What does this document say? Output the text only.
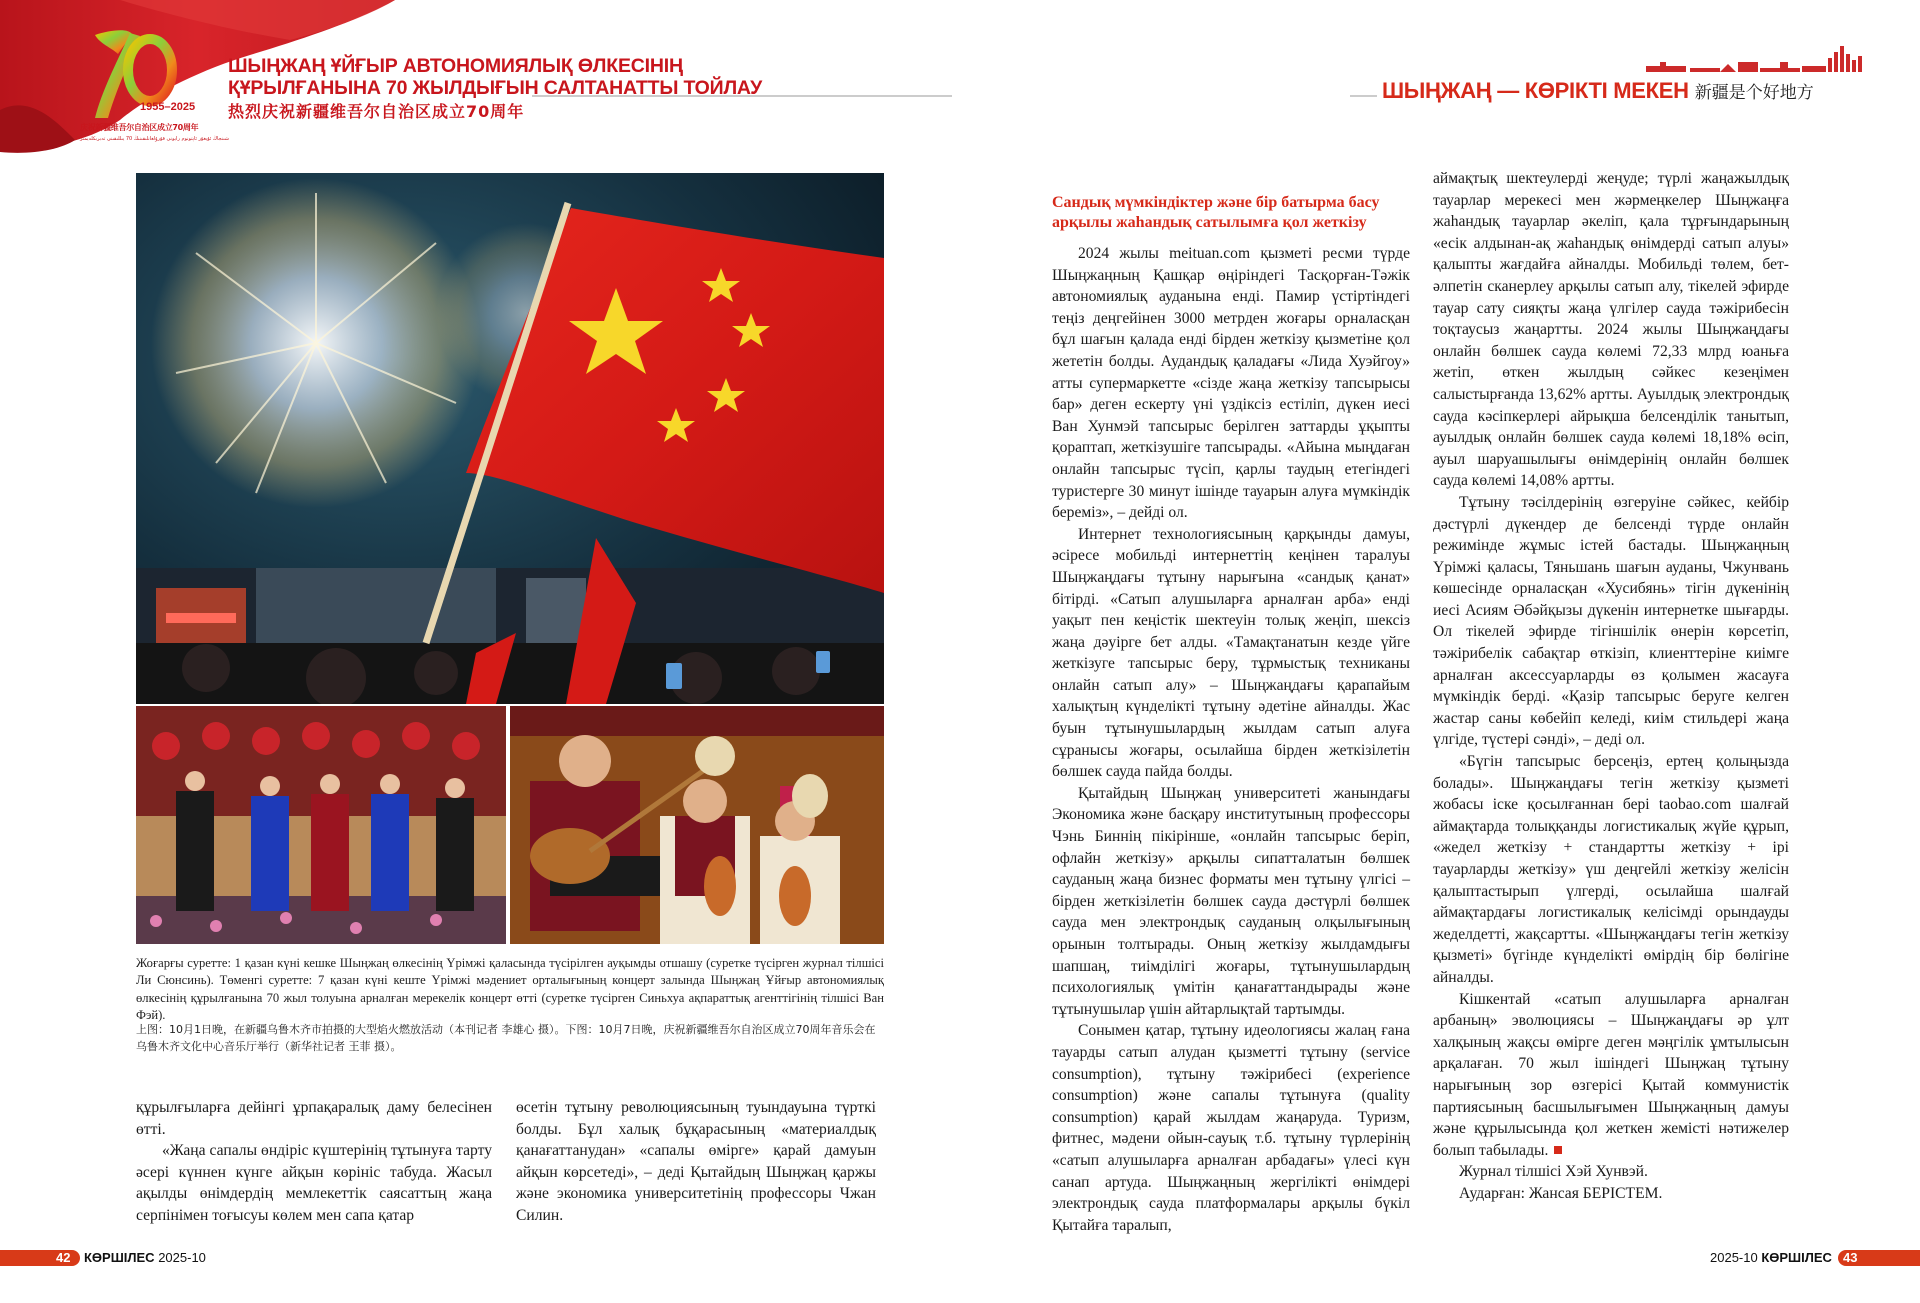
1955–2025
庆祝新疆维吾尔自治区成立70周年
شىنجاڭ ئۇيغۇر ئاپتونوم رايونى قۇرۇلغانلىقىنىڭ 70 يىللىقىنى تەبرىكلەيمىز
ШЫҢЖАҢ ҰЙҒЫР АВТОНОМИЯЛЫҚ ӨЛКЕСІНІҢ
ҚҰРЫЛҒАНЫНА 70 ЖЫЛДЫҒЫН САЛТАНАТТЫ ТОЙЛАУ
热烈庆祝新疆维吾尔自治区成立70周年
ШЫҢЖАҢ — КӨРІКТІ МЕКЕН 新疆是个好地方
Жоғарғы суретте: 1 қазан күні кешке Шыңжаң өлкесінің Үрімжі қаласында түсірілген ауқымды отшашу (суретке түсірген журнал тілшісі Ли Сюнсинь). Төменгі суретте: 7 қазан күні кеште Үрімжі мәдениет орталығының концерт залында Шыңжаң Ұйғыр автономиялық өлкесінің құрылғанына 70 жыл толуына арналған мерекелік концерт өтті (суретке түсірген Синьхуа ақпараттық агенттігінің тілшісі Ван Фэй).
上图：10月1日晚，在新疆乌鲁木齐市拍摄的大型焰火燃放活动（本刊记者 李雄心 摄）。下图：10月7日晚，庆祝新疆维吾尔自治区成立70周年音乐会在乌鲁木齐文化中心音乐厅举行（新华社记者 王菲 摄）。

құрылғыларға дейінгі ұрпақаралық даму белесінен өтті.

«Жаңа сапалы өндіріс күштерінің тұтынуға тарту әсері күннен күнге айқын көрініс табуда. Жасыл ақылды өнімдердің мемлекеттік саясаттың жаңа серпінімен тоғысуы көлем мен сапа қатар

өсетін тұтыну революциясының туындауына түрткі болды. Бұл халық бұқарасының «материалдық қанағаттанудан» «сапалы өмірге» қарай дамуын айқын көрсетеді», – деді Қытайдың Шыңжаң қаржы және экономика университетінің профессоры Чжан Силин.

Сандық мүмкіндіктер және бір батырма басу арқылы жаһандық сатылымға қол жеткізу

2024 жылы meituan.com қызметі ресми түрде Шыңжаңның Қашқар өңіріндегі Тасқорған-Тәжік автономиялық ауданына енді. Памир үстіртіндегі теңіз деңгейінен 3000 метрден жоғары орналасқан бұл шағын қалада енді бірден жеткізу қызметіне қол жететін болды. Аудандық қаладағы «Лида Хуэйгоу» атты супермаркетте «сізде жаңа жеткізу тапсырысы бар» деген ескерту үні үздіксіз естіліп, дүкен иесі Ван Хунмэй тапсырыс берілген заттарды ұқыпты қораптап, жеткізушіге тапсырады. «Айына мыңдаған онлайн тапсырыс түсіп, қарлы таудың етегіндегі туристерге 30 минут ішінде тауарын алуға мүмкіндік береміз», – дейді ол.

Интернет технологиясының қарқынды дамуы, әсіресе мобильді интернеттің кеңінен таралуы Шыңжаңдағы тұтыну нарығына «сандық қанат» бітірді. «Сатып алушыларға арналған арба» енді уақыт пен кеңістік шектеуін толық жеңіп, шексіз жаңа дәуірге бет алды. «Тамақтанатын кезде үйге жеткізуге тапсырыс беру, тұрмыстық техниканы онлайн сатып алу» – Шыңжаңдағы қарапайым халықтың күнделікті тұтыну әдетіне айналды. Жас буын тұтынушылардың жылдам сатып алуға сұранысы жоғары, осылайша бірден жеткізілетін бөлшек сауда пайда болды.

Қытайдың Шыңжаң университеті жанындағы Экономика және басқару институтының профессоры Чэнь Биннің пікірінше, «онлайн тапсырыс беріп, офлайн жеткізу» арқылы сипатталатын бөлшек сауданың жаңа бизнес форматы мен тұтыну үлгісі – бірден жеткізілетін бөлшек сауда дәстүрлі бөлшек сауда мен электрондық сауданың олқылығының орынын толтырады. Оның жеткізу жылдамдығы шапшаң, тиімділігі жоғары, тұтынушылардың психологиялық үмітін қанағаттандырады және тұтынушылар үшін айтарлықтай тартымды.

Сонымен қатар, тұтыну идеологиясы жалаң ғана тауарды сатып алудан қызметті тұтыну (service consumption), тұтыну тәжірибесі (experience consumption) және сапалы тұтынуға (quality consumption) қарай жылдам жаңаруда. Туризм, фитнес, мәдени ойын-сауық т.б. тұтыну түрлерінің «сатып алушыларға арналған арбадағы» үлесі күн санап артуда. Шыңжаңның жергілікті өнімдері электрондық сауда платформалары арқылы бүкіл Қытайға таралып,

аймақтық шектеулерді жеңуде; түрлі жаңажылдық тауарлар мерекесі мен жәрмеңкелер Шыңжаңға жаһандық тауарлар әкеліп, қала тұрғындарының «есік алдынан-ақ жаһандық өнімдерді сатып алуы» қалыпты жағдайға айналды. Мобильді төлем, бет-әлпетін сканерлеу арқылы сатып алу, тікелей эфирде тауар сату сияқты жаңа үлгілер сауда тәжірибесін тоқтаусыз жаңартты. 2024 жылы Шыңжаңдағы онлайн бөлшек сауда көлемі 72,33 млрд юаньға жетіп, өткен жылдың сәйкес кезеңімен салыстырғанда 13,62% артты. Ауылдық электрондық сауда кәсіпкерлері айрықша белсенділік танытып, ауылдық онлайн бөлшек сауда көлемі 18,18% өсіп, ауыл шаруашылығы өнімдерінің онлайн бөлшек сауда көлемі 14,08% артты.

Тұтыну тәсілдерінің өзгеруіне сәйкес, кейбір дәстүрлі дүкендер де белсенді түрде онлайн режимінде жұмыс істей бастады. Шыңжаңның Үрімжі қаласы, Тяньшань шағын ауданы, Чжунвань көшесінде орналасқан «Хусибянь» тігін дүкенінің иесі Асиям Әбәйқызы дүкенін интернетке шығарды. Ол тікелей эфирде тігіншілік өнерін көрсетіп, тәжірибелік сабақтар өткізіп, клиенттеріне киімге арналған аксессуарларды өз қолымен жасауға мүмкіндік берді. «Қазір тапсырыс беруге келген жастар саны көбейіп келеді, киім стильдері жаңа үлгіде, түстері сәнді», – деді ол.

«Бүгін тапсырыс берсеңіз, ертең қолыңызда болады». Шыңжаңдағы тегін жеткізу қызметі жобасы іске қосылғаннан бері taobao.com шалғай аймақтарда толыққанды логистикалық жүйе құрып, «жедел жеткізу + стандартты жеткізу + ірі тауарларды жеткізу» үш деңгейлі жеткізу желісін қалыптастырып үлгерді, осылайша шалғай аймақтардағы логистикалық келісімді орындауды жеделдетті, жақсартты. «Шыңжаңдағы тегін жеткізу қызметі» бүгінде күнделікті өмірдің бір бөлігіне айналды.

Кішкентай «сатып алушыларға арналған арбаның» эволюциясы – Шыңжаңдағы әр ұлт халқының жақсы өмірге деген мәңгілік ұмтылысын арқалаған. 70 жыл ішіндегі Шыңжаң тұтыну нарығының зор өзгерісі Қытай коммунистік партиясының басшылығымен Шыңжаңның дамуы және құрылысында қол жеткен жемісті нәтижелер болып табылады.

Журнал тілшісі Хэй Хунвэй.

Аударған: Жансая БЕРІСТЕМ.

42 КӨРШІЛЕС 2025-10	2025-10 КӨРШІЛЕС 43
